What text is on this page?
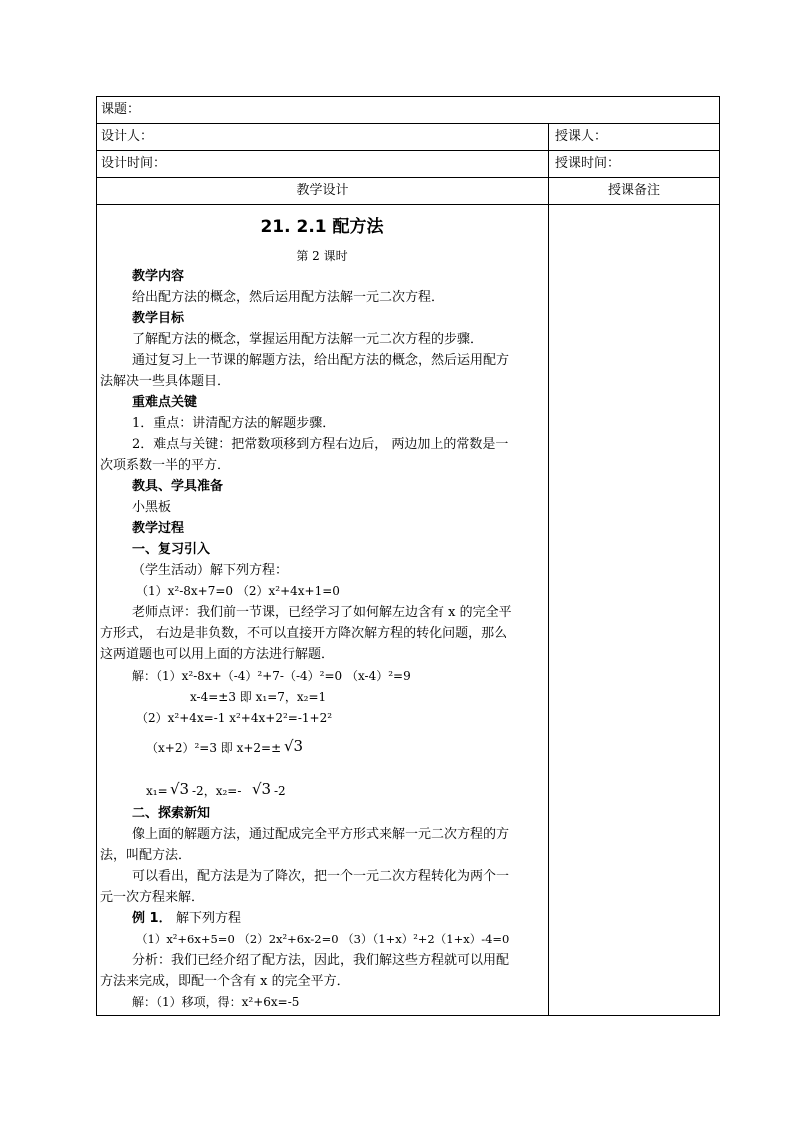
课题：
设计人：	授课人：
设计时间：	授课时间：
教学设计	授课备注
21. 2.1 配方法
第 2 课时
教学内容
给出配方法的概念，然后运用配方法解一元二次方程．
教学目标
了解配方法的概念，掌握运用配方法解一元二次方程的步骤．
通过复习上一节课的解题方法，给出配方法的概念，然后运用配方
法解决一些具体题目．
重难点关键
1．重点：讲清配方法的解题步骤．
2．难点与关键：把常数项移到方程右边后， 两边加上的常数是一
次项系数一半的平方．
教具、学具准备
小黑板
教学过程
一、复习引入
（学生活动）解下列方程：
（1）x²-8x+7=0 （2）x²+4x+1=0
老师点评：我们前一节课，已经学习了如何解左边含有 x 的完全平
方形式， 右边是非负数，不可以直接开方降次解方程的转化问题，那么
这两道题也可以用上面的方法进行解题．
解：（1）x²-8x+（-4）²+7-（-4）²=0 （x-4）²=9
x-4=±3 即 x₁=7，x₂=1
（2）x²+4x=-1 x²+4x+2²=-1+2²
（x+2）²=3 即 x+2=± √3
x₁= √3 -2，x₂=- √3 -2
二、探索新知
像上面的解题方法，通过配成完全平方形式来解一元二次方程的方
法，叫配方法．
可以看出，配方法是为了降次，把一个一元二次方程转化为两个一
元一次方程来解．
例 1． 解下列方程
（1）x²+6x+5=0 （2）2x²+6x-2=0 （3）（1+x）²+2（1+x）-4=0
分析：我们已经介绍了配方法，因此，我们解这些方程就可以用配
方法来完成，即配一个含有 x 的完全平方．
解：（1）移项，得：x²+6x=-5
